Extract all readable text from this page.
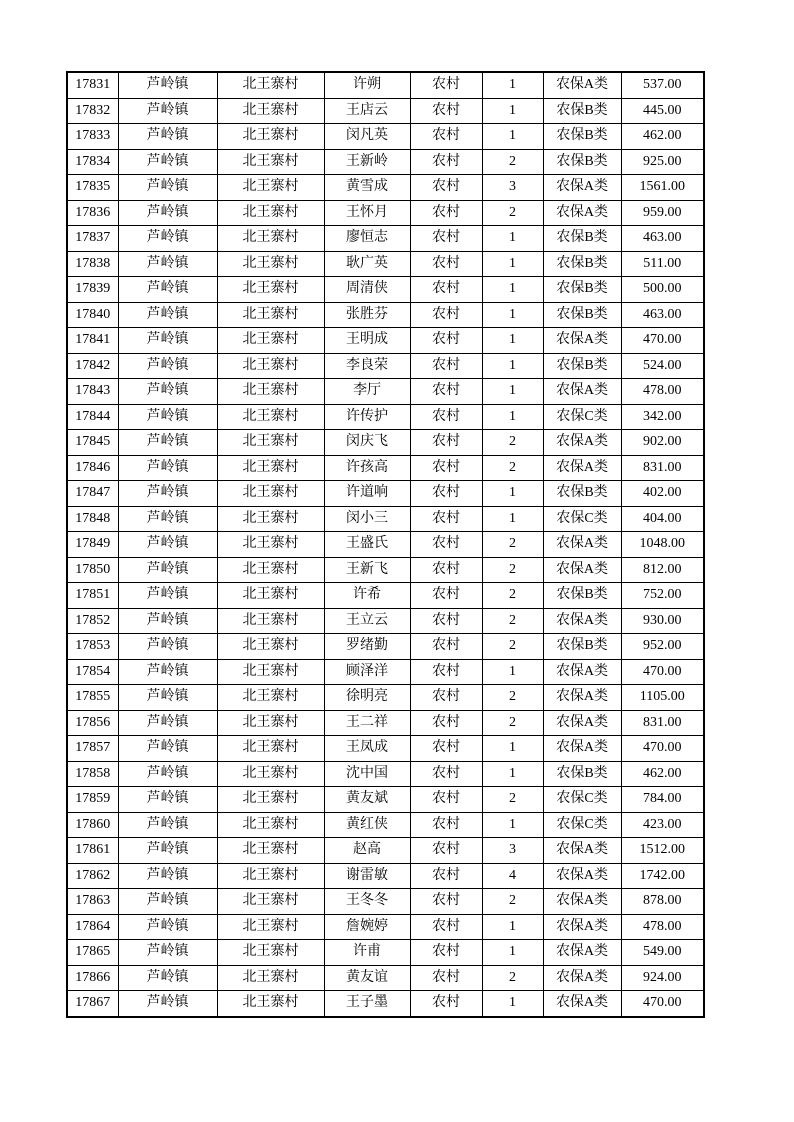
17831	芦岭镇	北王寨村	许朔	农村	1	农保A类	537.00
17832	芦岭镇	北王寨村	王店云	农村	1	农保B类	445.00
17833	芦岭镇	北王寨村	闵凡英	农村	1	农保B类	462.00
17834	芦岭镇	北王寨村	王新岭	农村	2	农保B类	925.00
17835	芦岭镇	北王寨村	黄雪成	农村	3	农保A类	1561.00
17836	芦岭镇	北王寨村	王怀月	农村	2	农保A类	959.00
17837	芦岭镇	北王寨村	廖恒志	农村	1	农保B类	463.00
17838	芦岭镇	北王寨村	耿广英	农村	1	农保B类	511.00
17839	芦岭镇	北王寨村	周清侠	农村	1	农保B类	500.00
17840	芦岭镇	北王寨村	张胜芬	农村	1	农保B类	463.00
17841	芦岭镇	北王寨村	王明成	农村	1	农保A类	470.00
17842	芦岭镇	北王寨村	李良荣	农村	1	农保B类	524.00
17843	芦岭镇	北王寨村	李厅	农村	1	农保A类	478.00
17844	芦岭镇	北王寨村	许传护	农村	1	农保C类	342.00
17845	芦岭镇	北王寨村	闵庆飞	农村	2	农保A类	902.00
17846	芦岭镇	北王寨村	许孩高	农村	2	农保A类	831.00
17847	芦岭镇	北王寨村	许道响	农村	1	农保B类	402.00
17848	芦岭镇	北王寨村	闵小三	农村	1	农保C类	404.00
17849	芦岭镇	北王寨村	王盛氏	农村	2	农保A类	1048.00
17850	芦岭镇	北王寨村	王新飞	农村	2	农保A类	812.00
17851	芦岭镇	北王寨村	许希	农村	2	农保B类	752.00
17852	芦岭镇	北王寨村	王立云	农村	2	农保A类	930.00
17853	芦岭镇	北王寨村	罗绪勤	农村	2	农保B类	952.00
17854	芦岭镇	北王寨村	顾泽洋	农村	1	农保A类	470.00
17855	芦岭镇	北王寨村	徐明亮	农村	2	农保A类	1105.00
17856	芦岭镇	北王寨村	王二祥	农村	2	农保A类	831.00
17857	芦岭镇	北王寨村	王凤成	农村	1	农保A类	470.00
17858	芦岭镇	北王寨村	沈中国	农村	1	农保B类	462.00
17859	芦岭镇	北王寨村	黄友斌	农村	2	农保C类	784.00
17860	芦岭镇	北王寨村	黄红侠	农村	1	农保C类	423.00
17861	芦岭镇	北王寨村	赵高	农村	3	农保A类	1512.00
17862	芦岭镇	北王寨村	谢雷敏	农村	4	农保A类	1742.00
17863	芦岭镇	北王寨村	王冬冬	农村	2	农保A类	878.00
17864	芦岭镇	北王寨村	詹婉婷	农村	1	农保A类	478.00
17865	芦岭镇	北王寨村	许甫	农村	1	农保A类	549.00
17866	芦岭镇	北王寨村	黄友谊	农村	2	农保A类	924.00
17867	芦岭镇	北王寨村	王子墨	农村	1	农保A类	470.00
